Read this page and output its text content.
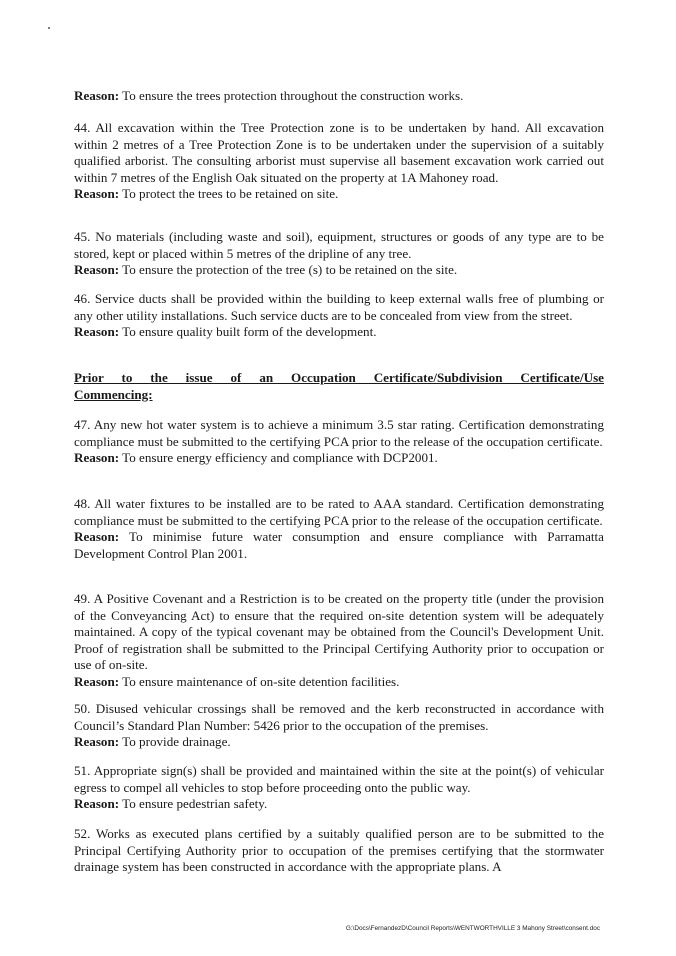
Reason: To ensure the trees protection throughout the construction works.

44. All excavation within the Tree Protection zone is to be undertaken by hand. All excavation within 2 metres of a Tree Protection Zone is to be undertaken under the supervision of a suitably qualified arborist. The consulting arborist must supervise all basement excavation work carried out within 7 metres of the English Oak situated on the property at 1A Mahoney road.

Reason: To protect the trees to be retained on site.

45. No materials (including waste and soil), equipment, structures or goods of any type are to be stored, kept or placed within 5 metres of the dripline of any tree.

Reason: To ensure the protection of the tree (s) to be retained on the site.

46. Service ducts shall be provided within the building to keep external walls free of plumbing or any other utility installations. Such service ducts are to be concealed from view from the street.

Reason: To ensure quality built form of the development.

Prior to the issue of an Occupation Certificate/Subdivision Certificate/Use

Commencing:

47. Any new hot water system is to achieve a minimum 3.5 star rating. Certification demonstrating compliance must be submitted to the certifying PCA prior to the release of the occupation certificate.

Reason: To ensure energy efficiency and compliance with DCP2001.

48. All water fixtures to be installed are to be rated to AAA standard. Certification demonstrating compliance must be submitted to the certifying PCA prior to the release of the occupation certificate.

Reason: To minimise future water consumption and ensure compliance with Parramatta Development Control Plan 2001.

49. A Positive Covenant and a Restriction is to be created on the property title (under the provision of the Conveyancing Act) to ensure that the required on-site detention system will be adequately maintained. A copy of the typical covenant may be obtained from the Council's Development Unit. Proof of registration shall be submitted to the Principal Certifying Authority prior to occupation or use of on-site.

Reason: To ensure maintenance of on-site detention facilities.

50. Disused vehicular crossings shall be removed and the kerb reconstructed in accordance with Council’s Standard Plan Number: 5426 prior to the occupation of the premises.

Reason: To provide drainage.

51. Appropriate sign(s) shall be provided and maintained within the site at the point(s) of vehicular egress to compel all vehicles to stop before proceeding onto the public way.

Reason: To ensure pedestrian safety.

52. Works as executed plans certified by a suitably qualified person are to be submitted to the Principal Certifying Authority prior to occupation of the premises certifying that the stormwater drainage system has been constructed in accordance with the appropriate plans. A

G:\Docs\FernandezD\Council Reports\WENTWORTHVILLE 3 Mahony Street\consent.doc
